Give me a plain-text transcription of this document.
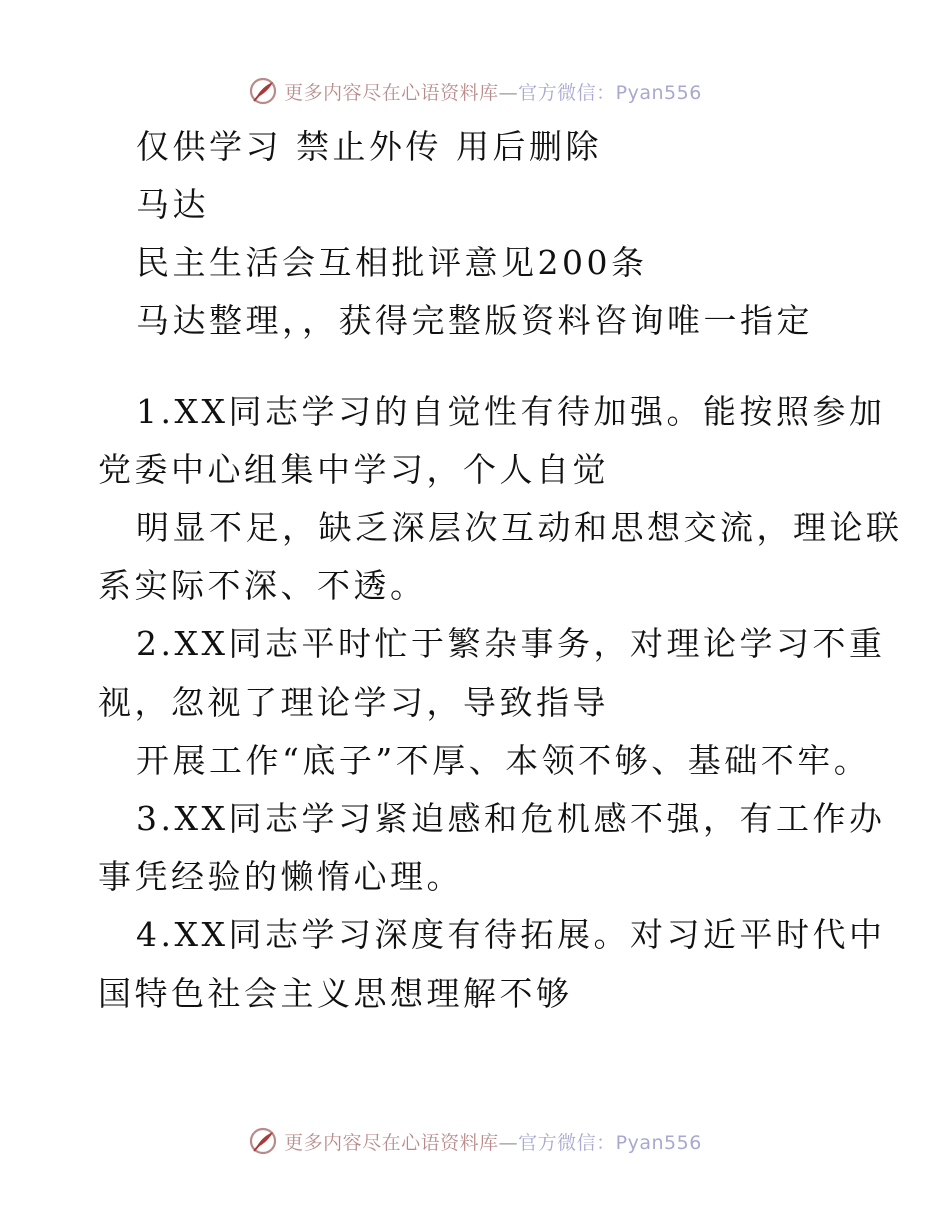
更多内容尽在心语资料库—官方微信：Pyan556
仅供学习 禁止外传 用后删除
马达
民主生活会互相批评意见200条
马达整理，，获得完整版资料咨询唯一指定
1.XX同志学习的自觉性有待加强。能按照参加
党委中心组集中学习，个人自觉
明显不足，缺乏深层次互动和思想交流，理论联
系实际不深、不透。
2.XX同志平时忙于繁杂事务，对理论学习不重
视，忽视了理论学习，导致指导
开展工作“底子”不厚、本领不够、基础不牢。
3.XX同志学习紧迫感和危机感不强，有工作办
事凭经验的懒惰心理。
4.XX同志学习深度有待拓展。对习近平时代中
国特色社会主义思想理解不够
更多内容尽在心语资料库—官方微信：Pyan556
